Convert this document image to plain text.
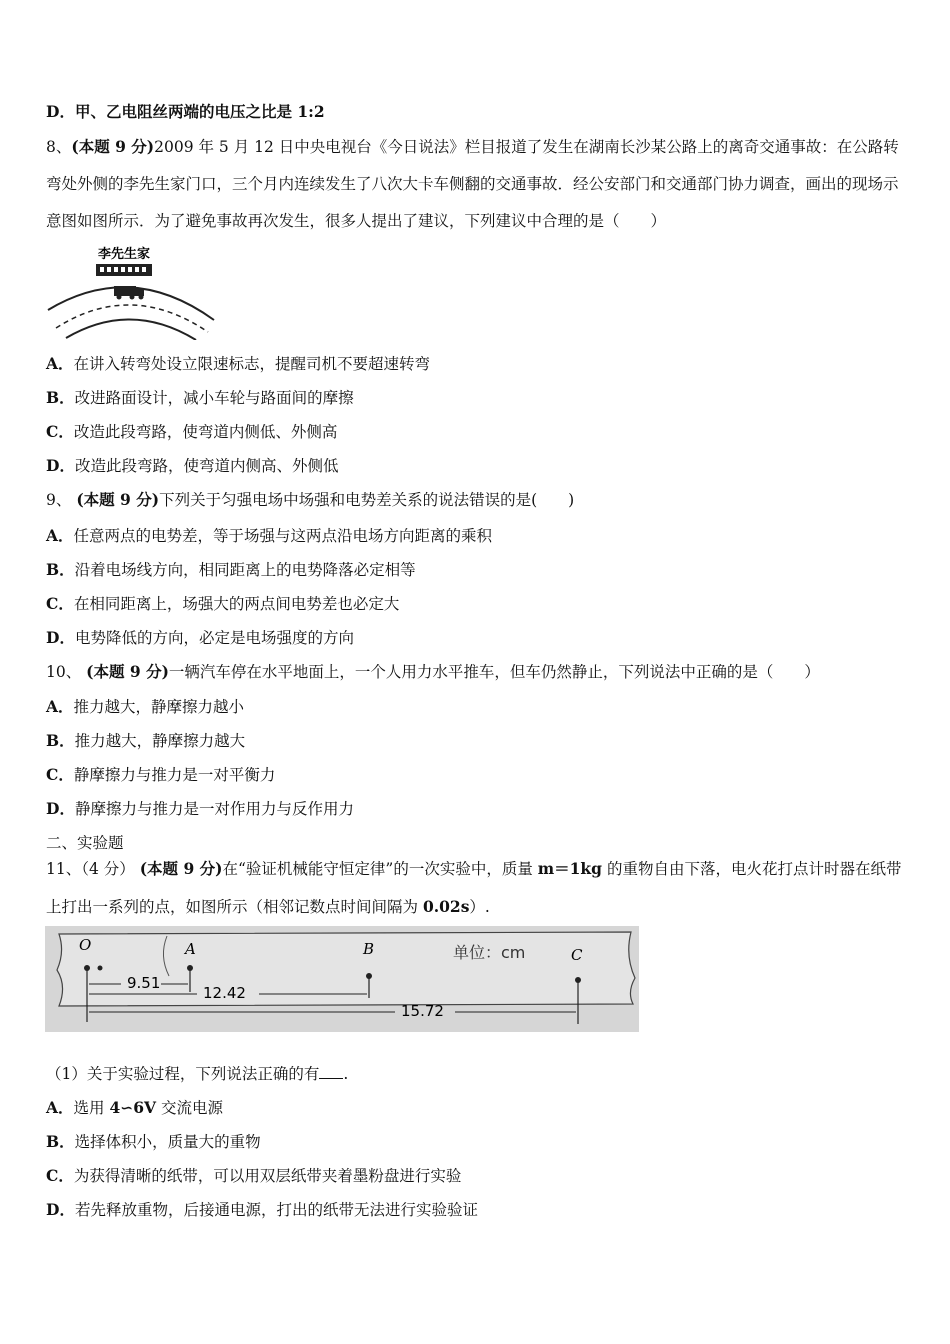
D．甲、乙电阻丝两端的电压之比是 1:2
8、(本题 9 分)2009 年 5 月 12 日中央电视台《今日说法》栏目报道了发生在湖南长沙某公路上的离奇交通事故：在公路转弯处外侧的李先生家门口，三个月内连续发生了八次大卡车侧翻的交通事故．经公安部门和交通部门协力调查，画出的现场示意图如图所示．为了避免事故再次发生，很多人提出了建议，下列建议中合理的是（　　）
李先生家
A．在讲入转弯处设立限速标志，提醒司机不要超速转弯
B．改进路面设计，减小车轮与路面间的摩擦
C．改造此段弯路，使弯道内侧低、外侧高
D．改造此段弯路，使弯道内侧高、外侧低
9、 (本题 9 分)下列关于匀强电场中场强和电势差关系的说法错误的是(　　)
A．任意两点的电势差，等于场强与这两点沿电场方向距离的乘积
B．沿着电场线方向，相同距离上的电势降落必定相等
C．在相同距离上，场强大的两点间电势差也必定大
D．电势降低的方向，必定是电场强度的方向
10、 (本题 9 分)一辆汽车停在水平地面上，一个人用力水平推车，但车仍然静止，下列说法中正确的是（　　）
A．推力越大，静摩擦力越小
B．推力越大，静摩擦力越大
C．静摩擦力与推力是一对平衡力
D．静摩擦力与推力是一对作用力与反作用力
二、实验题
11、（4 分） (本题 9 分)在“验证机械能守恒定律”的一次实验中，质量 m＝1kg 的重物自由下落，电火花打点计时器在纸带上打出一系列的点，如图所示（相邻记数点时间间隔为 0.02s）.
O	A	B	C
单位：cm
9.51
12.42
15.72
（1）关于实验过程，下列说法正确的有 .
A．选用 4∽6V 交流电源
B．选择体积小，质量大的重物
C．为获得清晰的纸带，可以用双层纸带夹着墨粉盘进行实验
D．若先释放重物，后接通电源，打出的纸带无法进行实验验证
